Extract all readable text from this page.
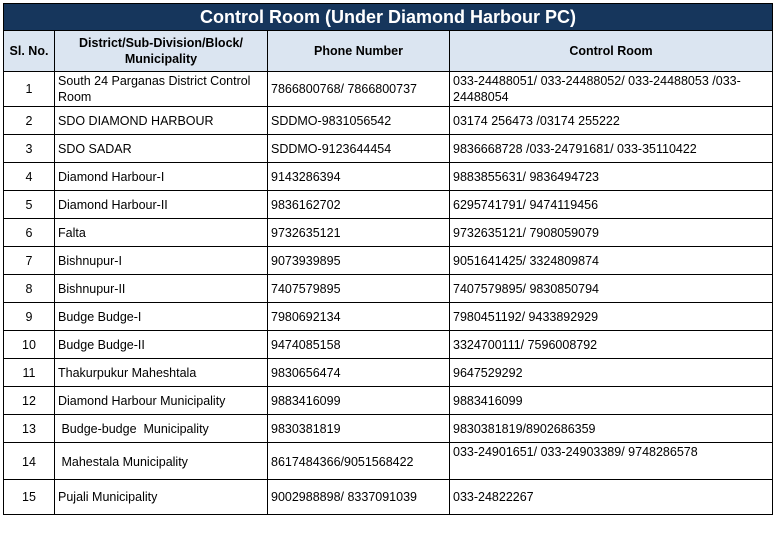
Control Room (Under Diamond Harbour PC)			
Sl. No.	District/Sub-Division/Block/ Municipality	Phone Number	Control Room
1	South 24 Parganas District Control Room	7866800768/ 7866800737	033-24488051/ 033-24488052/ 033-24488053 /033-24488054
2	SDO DIAMOND HARBOUR	SDDMO-9831056542	03174 256473 /03174 255222
3	SDO SADAR	SDDMO-9123644454	9836668728 /033-24791681/ 033-35110422
4	Diamond Harbour-I	9143286394	9883855631/ 9836494723
5	Diamond Harbour-II	9836162702	6295741791/ 9474119456
6	Falta	9732635121	9732635121/ 7908059079
7	Bishnupur-I	9073939895	9051641425/ 3324809874
8	Bishnupur-II	7407579895	7407579895/ 9830850794
9	Budge Budge-I	7980692134	7980451192/ 9433892929
10	Budge Budge-II	9474085158	3324700111/ 7596008792
11	Thakurpukur Maheshtala	9830656474	9647529292
12	Diamond Harbour Municipality	9883416099	9883416099
13	Budge-budge  Municipality	9830381819	9830381819/8902686359
14	Mahestala Municipality	8617484366/9051568422	033-24901651/ 033-24903389/ 9748286578
15	Pujali Municipality	9002988898/ 8337091039	033-24822267
